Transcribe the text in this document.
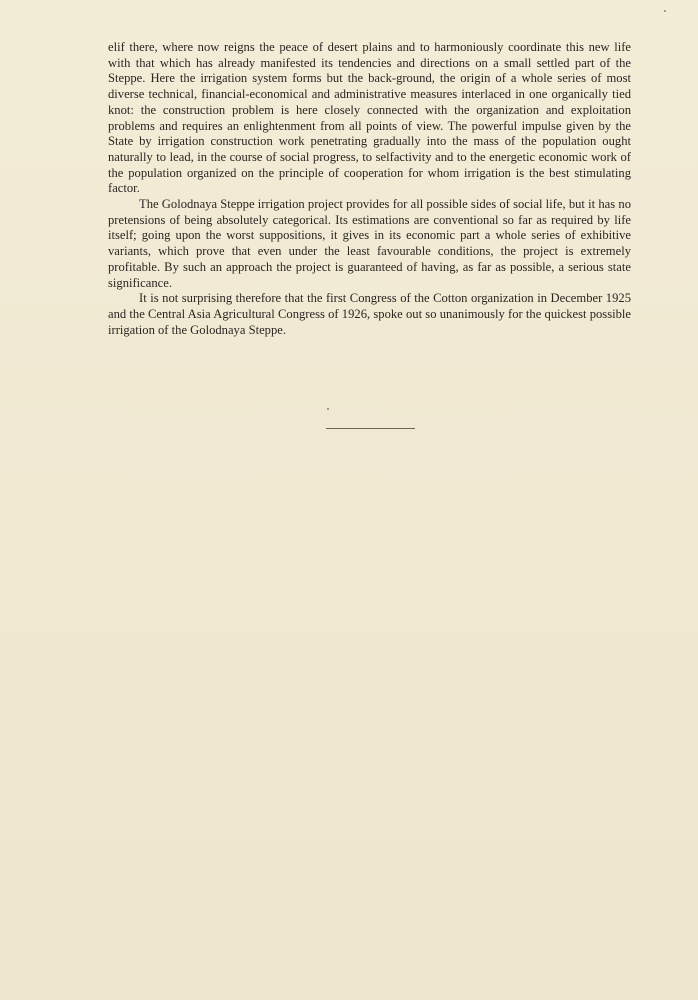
elif there, where now reigns the peace of desert plains and to harmoniously coordinate this new life with that which has already manifested its tendencies and directions on a small settled part of the Steppe. Here the irrigation system forms but the back-ground, the origin of a whole series of most diverse technical, financial-economical and administrative measures interlaced in one organically tied knot: the construction problem is here closely connected with the organization and exploitation problems and requires an enlightenment from all points of view. The powerful impulse given by the State by irrigation construction work penetrating gradually into the mass of the population ought naturally to lead, in the course of social progress, to selfactivity and to the energetic economic work of the population organized on the principle of cooperation for whom irrigation is the best stimulating factor.

The Golodnaya Steppe irrigation project provides for all possible sides of social life, but it has no pretensions of being absolutely categorical. Its estimations are conventional so far as required by life itself; going upon the worst suppositions, it gives in its economic part a whole series of exhibitive variants, which prove that even under the least favourable conditions, the project is extremely profitable. By such an approach the project is guaranteed of having, as far as possible, a serious state significance.

It is not surprising therefore that the first Congress of the Cotton organization in December 1925 and the Central Asia Agricultural Congress of 1926, spoke out so unanimously for the quickest possible irrigation of the Golodnaya Steppe.
